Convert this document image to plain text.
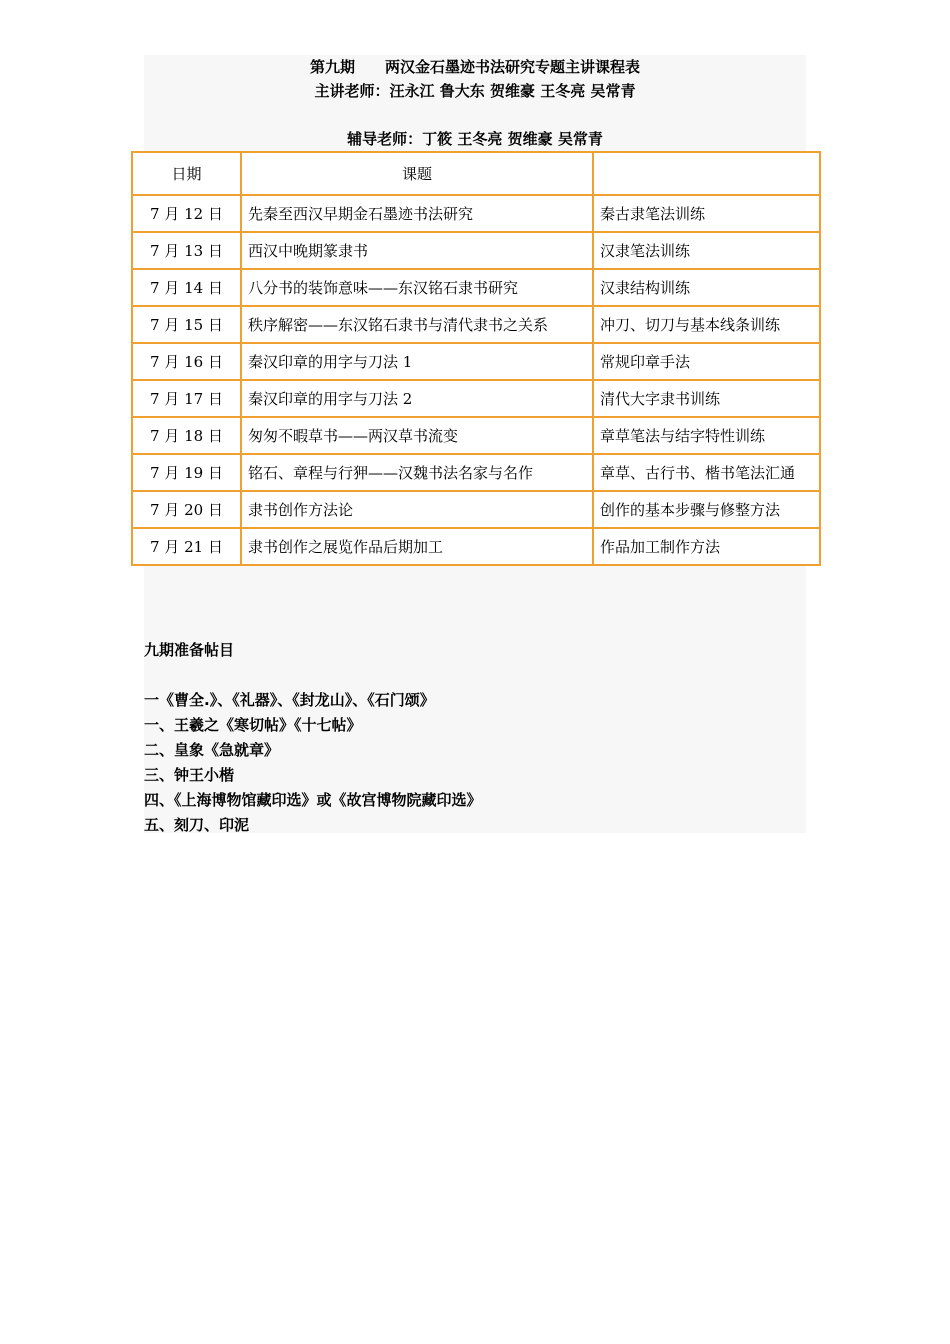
第九期　　两汉金石墨迹书法研究专题主讲课程表
主讲老师：汪永江 鲁大东 贺维豪 王冬亮 吴常青
辅导老师：丁筱 王冬亮 贺维豪 吴常青
日期	课题	
7 月 12 日	先秦至西汉早期金石墨迹书法研究	秦古隶笔法训练
7 月 13 日	西汉中晚期篆隶书	汉隶笔法训练
7 月 14 日	八分书的装饰意味——东汉铭石隶书研究	汉隶结构训练
7 月 15 日	秩序解密——东汉铭石隶书与清代隶书之关系	冲刀、切刀与基本线条训练
7 月 16 日	秦汉印章的用字与刀法 1	常规印章手法
7 月 17 日	秦汉印章的用字与刀法 2	清代大字隶书训练
7 月 18 日	匆匆不暇草书——两汉草书流变	章草笔法与结字特性训练
7 月 19 日	铭石、章程与行狎——汉魏书法名家与名作	章草、古行书、楷书笔法汇通
7 月 20 日	隶书创作方法论	创作的基本步骤与修整方法
7 月 21 日	隶书创作之展览作品后期加工	作品加工制作方法
九期准备帖目
一《曹全.》、《礼器》、《封龙山》、《石门颂》
一、王羲之《寒切帖》《十七帖》
二、皇象《急就章》
三、钟王小楷
四、《上海博物馆藏印选》或《故宫博物院藏印选》
五、刻刀、印泥
